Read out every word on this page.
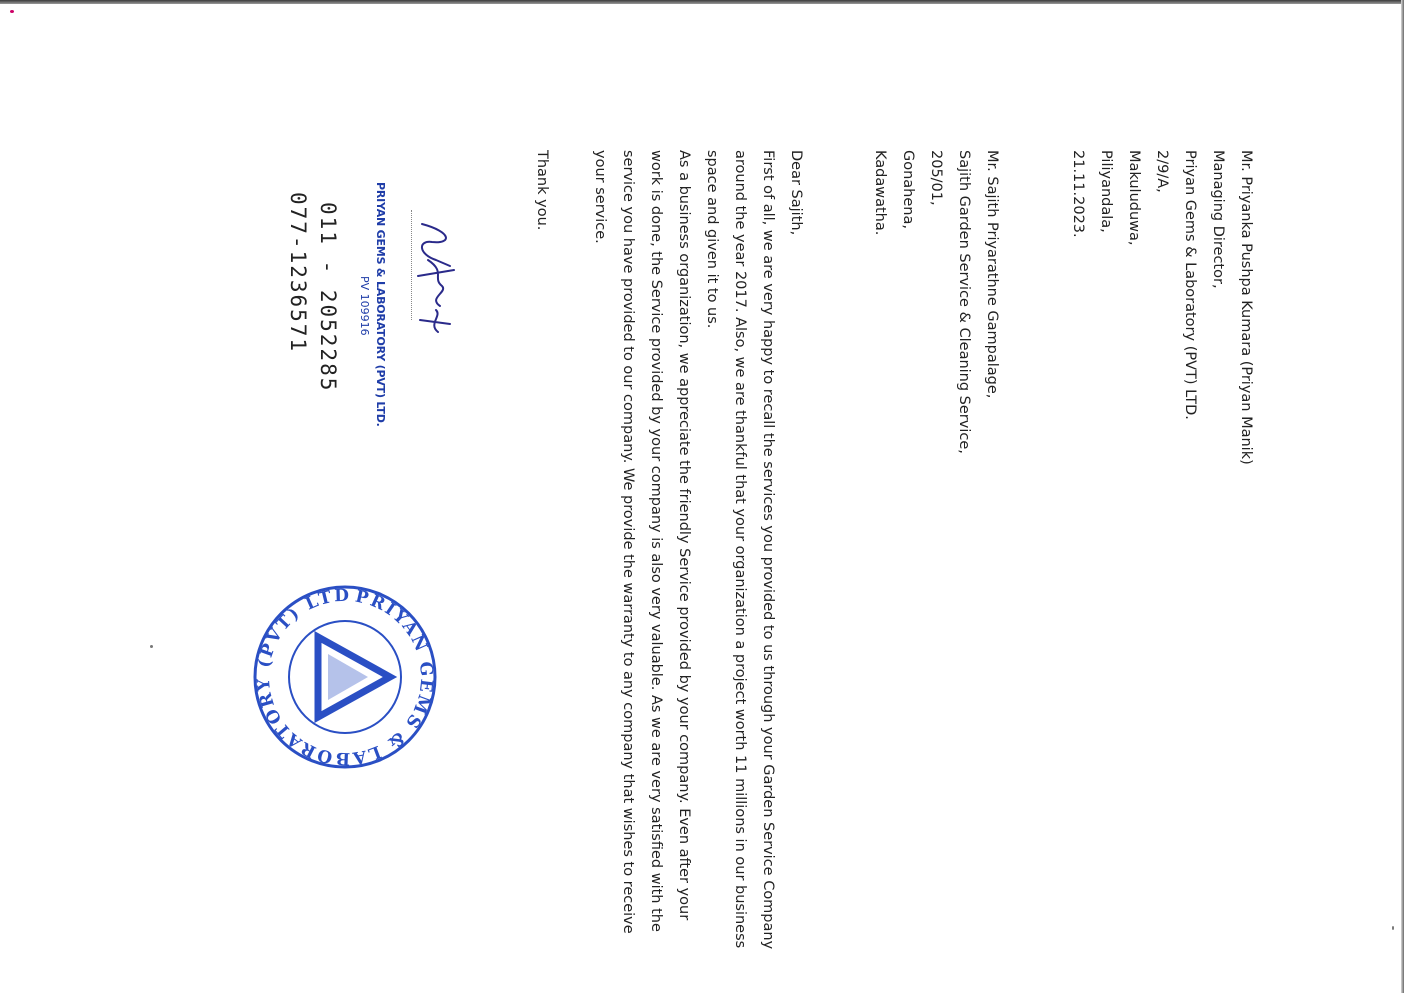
Mr. Priyanka Pushpa Kumara (Priyan Manik)
Managing Director,
Priyan Gems & Laboratory (PVT) LTD.
2/9/A,
Makuluduwa,
Piliyandala,
21.11.2023.
Mr. Sajith Priyarathne Gampalage,
Sajith Garden Service & Cleaning Service,
205/01,
Gonahena,
Kadawatha.
Dear Sajith,
First of all, we are very happy to recall the services you provided to us through your Garden Service Company around the year 2017. Also, we are thankful that your organization a project worth 11 millions in our business space and given it to us.
As a business organization, we appreciate the friendly Service provided by your company. Even after your work is done, the Service provided by your company is also very valuable. As we are very satisfied with the service you have provided to our company. We provide the warranty to any company that wishes to receive your service.
Thank you.
PRIYAN GEMS & LABORATORY (PVT) LTD.
PV 109916
011 - 2052285
077-1236571
PRIYAN GEMS & LABORATORY (PVT) LTD
